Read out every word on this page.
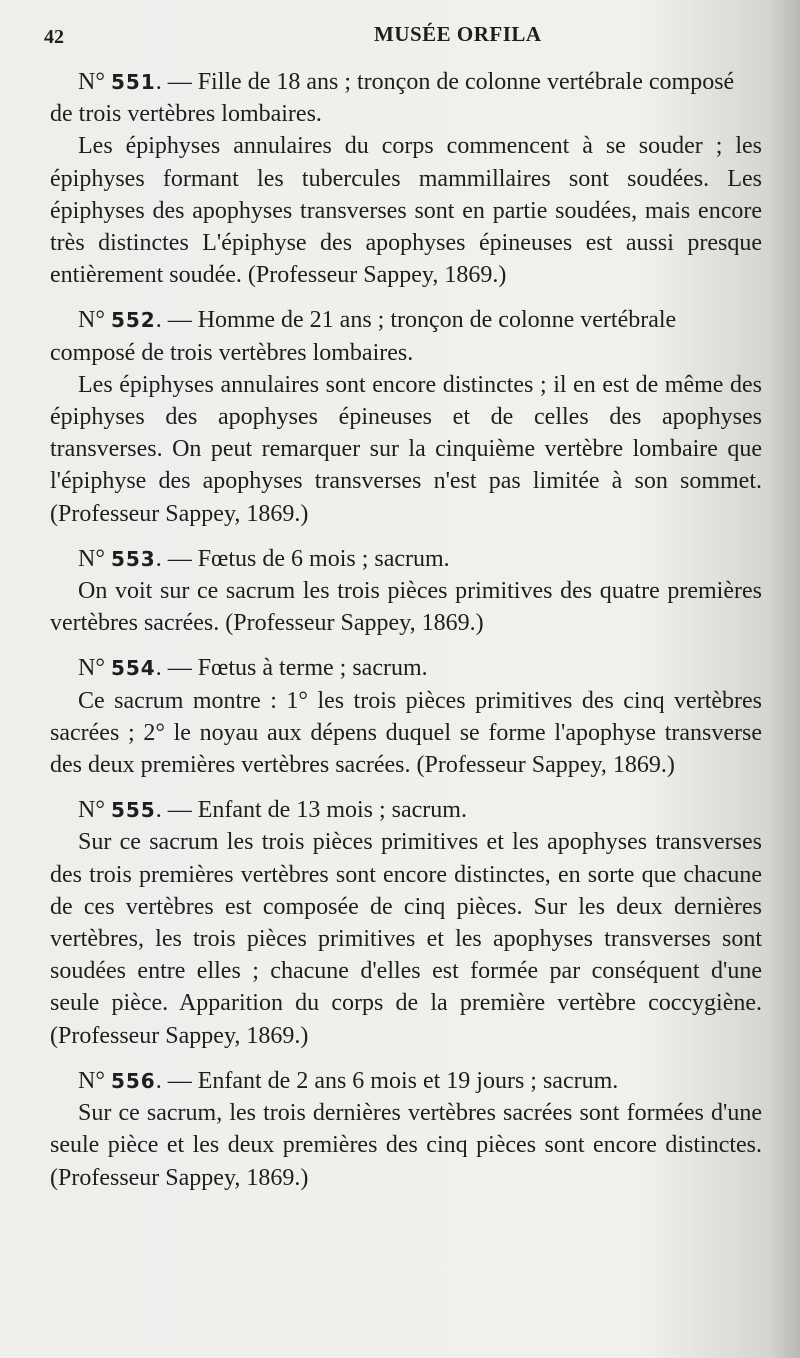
42	MUSÉE ORFILA

N° 551. — Fille de 18 ans ; tronçon de colonne vertébrale composé de trois vertèbres lombaires.

Les épiphyses annulaires du corps commencent à se souder ; les épiphyses formant les tubercules mammillaires sont soudées. Les épiphyses des apophyses transverses sont en partie soudées, mais encore très distinctes L'épiphyse des apophyses épineuses est aussi presque entièrement soudée. (Professeur Sappey, 1869.)

N° 552. — Homme de 21 ans ; tronçon de colonne vertébrale composé de trois vertèbres lombaires.

Les épiphyses annulaires sont encore distinctes ; il en est de même des épiphyses des apophyses épineuses et de celles des apophyses transverses. On peut remarquer sur la cinquième vertèbre lombaire que l'épiphyse des apophyses transverses n'est pas limitée à son sommet. (Professeur Sappey, 1869.)

N° 553. — Fœtus de 6 mois ; sacrum.

On voit sur ce sacrum les trois pièces primitives des quatre premières vertèbres sacrées. (Professeur Sappey, 1869.)

N° 554. — Fœtus à terme ; sacrum.

Ce sacrum montre : 1° les trois pièces primitives des cinq vertèbres sacrées ; 2° le noyau aux dépens duquel se forme l'apophyse transverse des deux premières vertèbres sacrées. (Professeur Sappey, 1869.)

N° 555. — Enfant de 13 mois ; sacrum.

Sur ce sacrum les trois pièces primitives et les apophyses transverses des trois premières vertèbres sont encore distinctes, en sorte que chacune de ces vertèbres est composée de cinq pièces. Sur les deux dernières vertèbres, les trois pièces primitives et les apophyses transverses sont soudées entre elles ; chacune d'elles est formée par conséquent d'une seule pièce. Apparition du corps de la première vertèbre coccygiène. (Professeur Sappey, 1869.)

N° 556. — Enfant de 2 ans 6 mois et 19 jours ; sacrum.

Sur ce sacrum, les trois dernières vertèbres sacrées sont formées d'une seule pièce et les deux premières des cinq pièces sont encore distinctes. (Professeur Sappey, 1869.)
